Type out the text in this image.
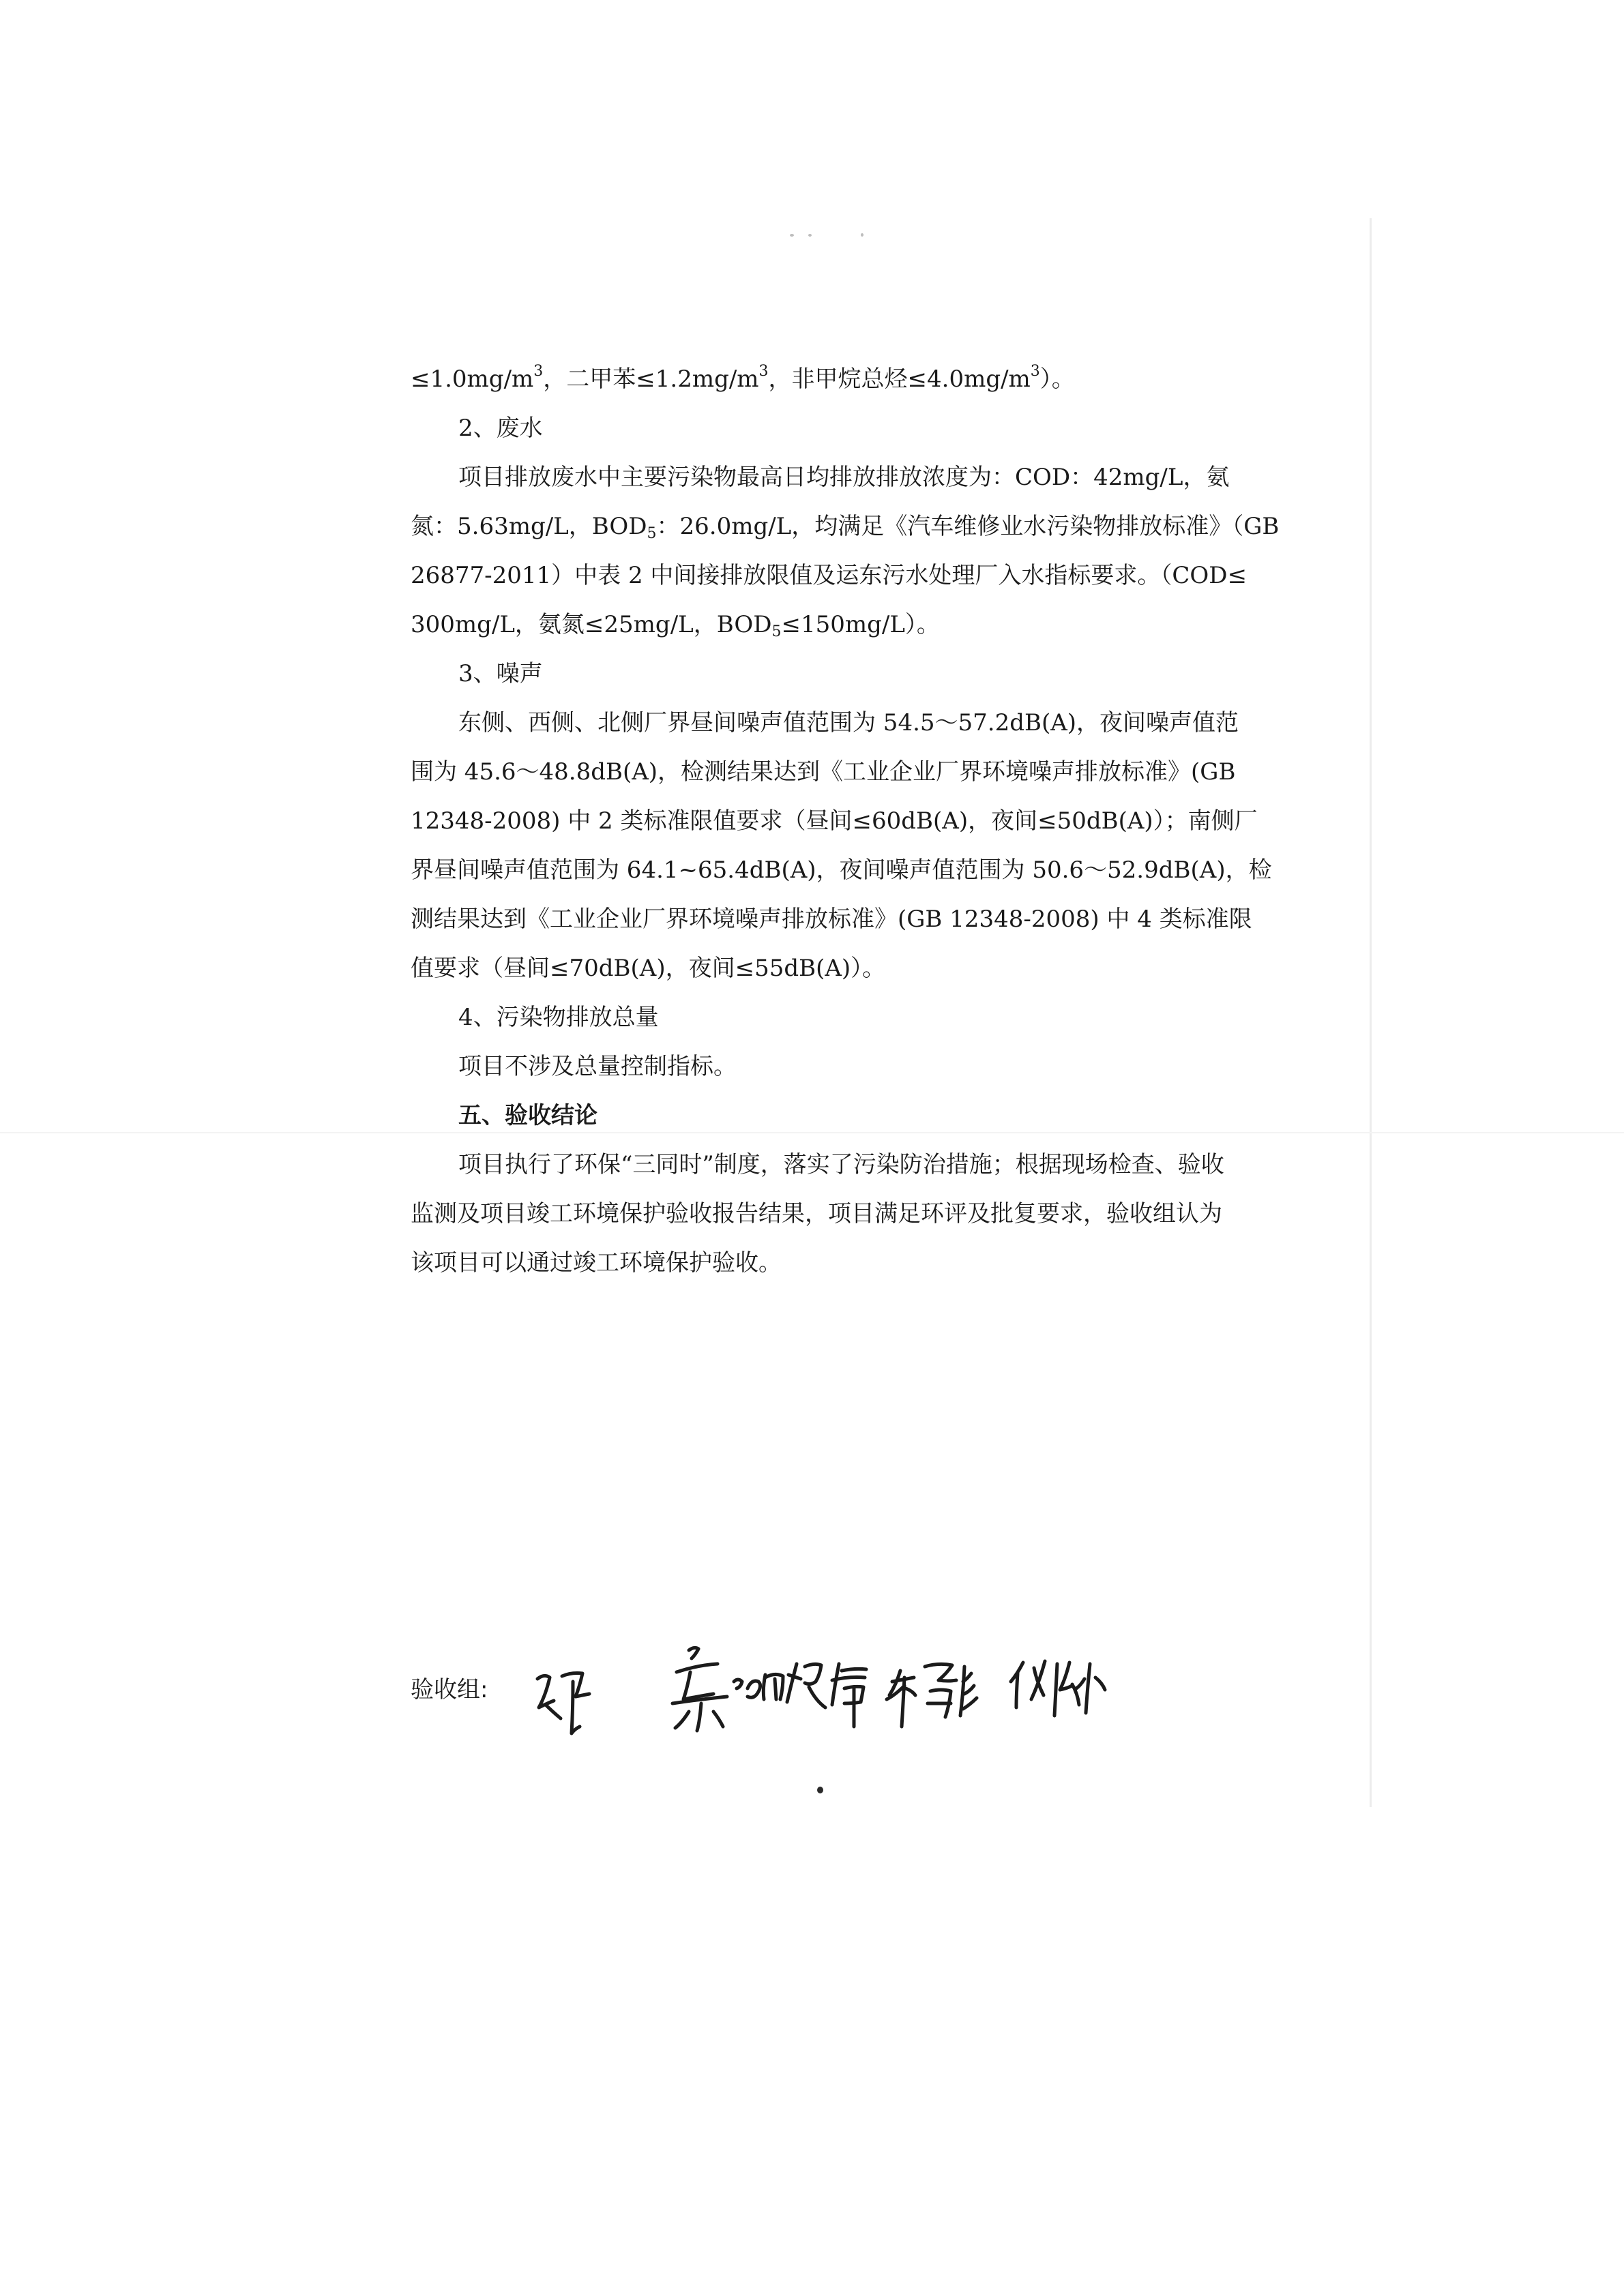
$\le 1.0mg/m^3$，二甲苯$\le 1.2mg/m^3$，非甲烷总烃$\le 4.0mg/m^3$）。
2、废水
项目排放废水中主要污染物最高日均排放排放浓度为：COD：42mg/L，氨
氮：5.63mg/L，$BOD_5$：26.0mg/L，均满足《汽车维修业水污染物排放标准》（GB
26877-2011）中表 2 中间接排放限值及运东污水处理厂入水指标要求。（COD≤
300mg/L，氨氮≤25mg/L，$BOD_5\le 150mg/L$）。
3、噪声
东侧、西侧、北侧厂界昼间噪声值范围为 54.5～57.2dB(A)，夜间噪声值范
围为 45.6～48.8dB(A)，检测结果达到《工业企业厂界环境噪声排放标准》(GB
12348-2008) 中 2 类标准限值要求（昼间≤60dB(A)，夜间≤50dB(A)）；南侧厂
界昼间噪声值范围为 64.1~65.4dB(A)，夜间噪声值范围为 50.6～52.9dB(A)，检
测结果达到《工业企业厂界环境噪声排放标准》(GB 12348-2008) 中 4 类标准限
值要求（昼间≤70dB(A)，夜间≤55dB(A)）。
4、污染物排放总量
项目不涉及总量控制指标。
五、验收结论
项目执行了环保“三同时”制度，落实了污染防治措施；根据现场检查、验收
监测及项目竣工环境保护验收报告结果，项目满足环评及批复要求，验收组认为
该项目可以通过竣工环境保护验收。
验收组:
